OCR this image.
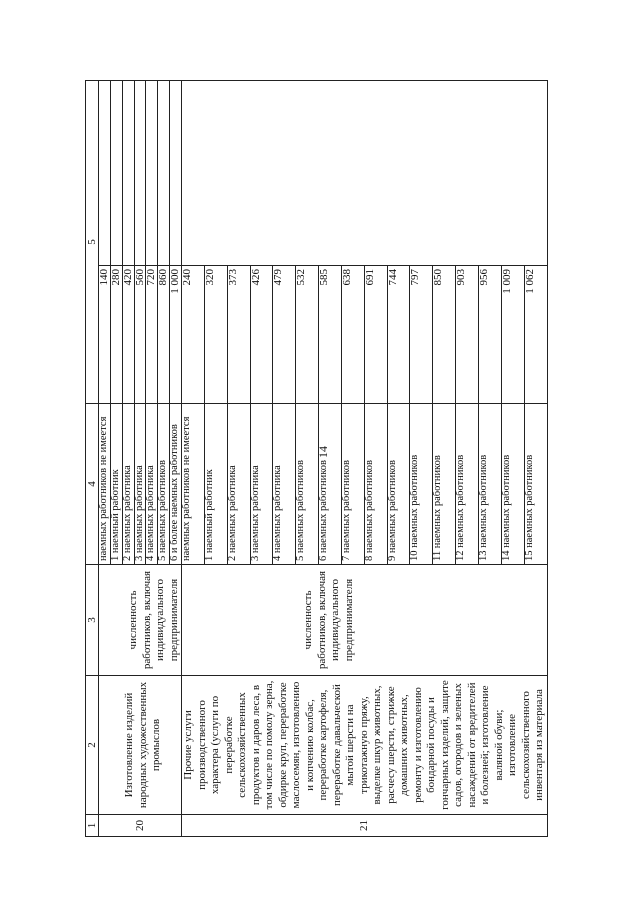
14
1	2	3	4	5	
20	Изготовление изделий народных художественных промыслов	численность работников, включая индивидуального предпринимателя	наемных работников не имеется	140	
			1 наемный работник	280	
			2 наемных работника	420	
			3 наемных работника	560	
			4 наемных работника	720	
			5 наемных работников	860	
			6 и более наемных работников	1 000	
21	Прочие услуги производственного характера (услуги по переработке сельскохозяйственных продуктов и даров леса, в том числе по помолу зерна, обдирке круп, переработке маслосемян, изготовлению и копчению колбас, переработке картофеля, переработке давальческой мытой шерсти на трикотажную пряжу, выделке шкур животных, расчесу шерсти, стрижке домашних животных, ремонту и изготовлению бондарной посуды и гончарных изделий, защите садов, огородов и зеленых насаждений от вредителей и болезней; изготовление валяной обуви; изготовление сельскохозяйственного инвентаря из материала	численность работников, включая индивидуального предпринимателя	наемных работников не имеется	240	
			1 наемный работник	320	
			2 наемных работника	373	
			3 наемных работника	426	
			4 наемных работника	479	
			5 наемных работников	532	
			6 наемных работников	585	
			7 наемных работников	638	
			8 наемных работников	691	
			9 наемных работников	744	
			10 наемных работников	797	
			11 наемных работников	850	
			12 наемных работников	903	
			13 наемных работников	956	
			14 наемных работников	1 009	
			15 наемных работников	1 062	
